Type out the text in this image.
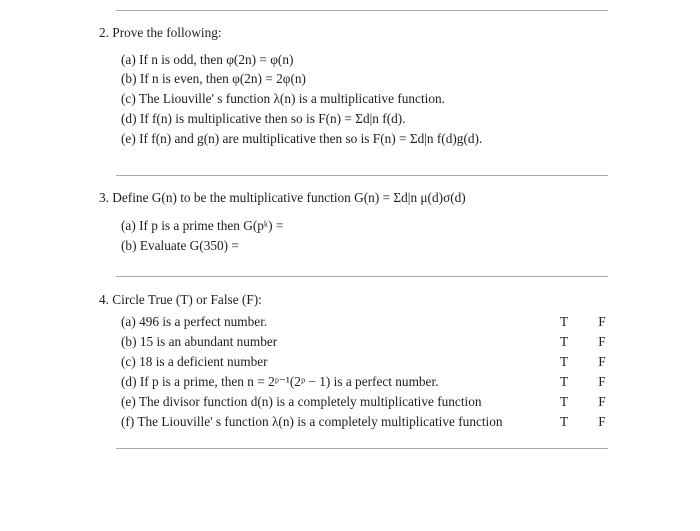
2. Prove the following:
(a) If n is odd, then φ(2n) = φ(n)
(b) If n is even, then φ(2n) = 2φ(n)
(c) The Liouville' s function λ(n) is a multiplicative function.
(d) If f(n) is multiplicative then so is F(n) = Σd|n f(d).
(e) If f(n) and g(n) are multiplicative then so is F(n) = Σd|n f(d)g(d).
3. Define G(n) to be the multiplicative function G(n) = Σd|n μ(d)σ(d)
(a) If p is a prime then G(pᵏ) =
(b) Evaluate G(350) =
4. Circle True (T) or False (F):
(a) 496 is a perfect number.	T F
(b) 15 is an abundant number	T F
(c) 18 is a deficient number	T F
(d) If p is a prime, then n = 2ᵖ⁻¹(2ᵖ − 1) is a perfect number.	T F
(e) The divisor function d(n) is a completely multiplicative function	T F
(f) The Liouville' s function λ(n) is a completely multiplicative function	T F
